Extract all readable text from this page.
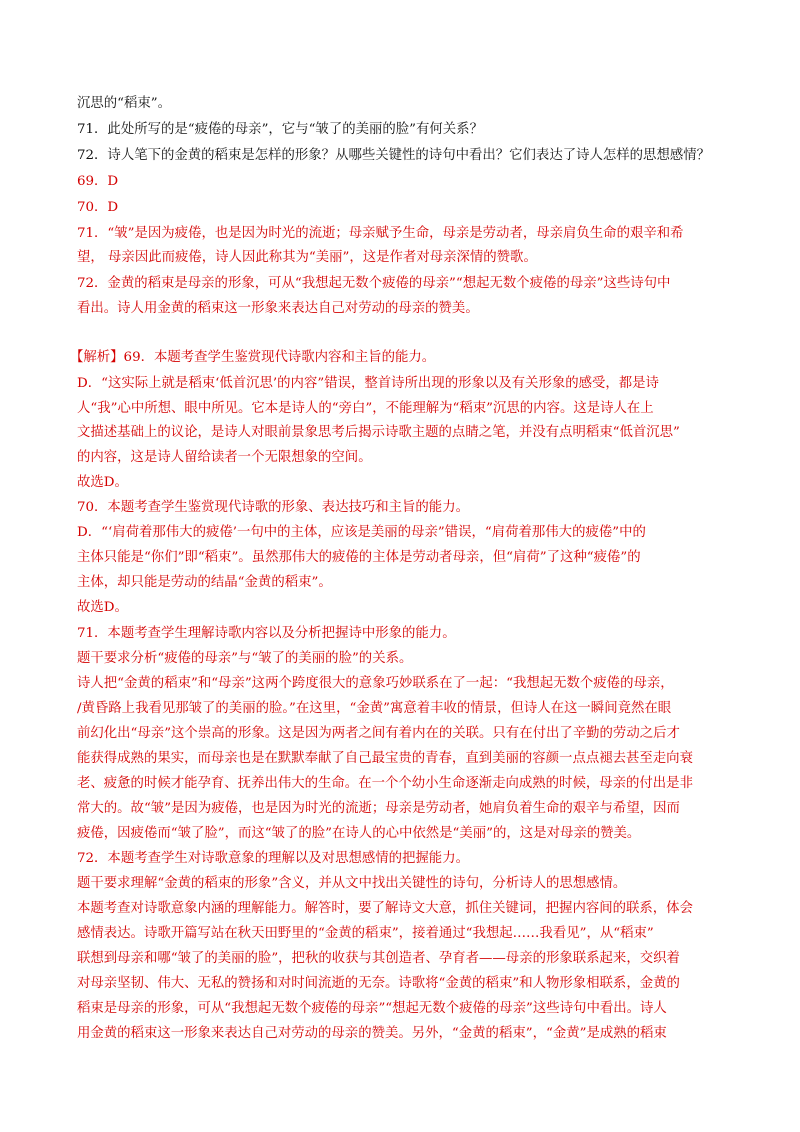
沉思的“稻束”。
71．此处所写的是“疲倦的母亲”，它与“皱了的美丽的脸”有何关系？
72．诗人笔下的金黄的稻束是怎样的形象？从哪些关键性的诗句中看出？它们表达了诗人怎样的思想感情？
69．D
70．D
71．“皱”是因为疲倦，也是因为时光的流逝；母亲赋予生命，母亲是劳动者，母亲肩负生命的艰辛和希
望， 母亲因此而疲倦，诗人因此称其为“美丽”，这是作者对母亲深情的赞歌。
72．金黄的稻束是母亲的形象，可从“我想起无数个疲倦的母亲”“想起无数个疲倦的母亲”这些诗句中
看出。诗人用金黄的稻束这一形象来表达自己对劳动的母亲的赞美。
【解析】69．本题考查学生鉴赏现代诗歌内容和主旨的能力。
D．“这实际上就是稻束‘低首沉思’的内容”错误，整首诗所出现的形象以及有关形象的感受，都是诗
人“我”心中所想、眼中所见。它本是诗人的“旁白”，不能理解为“稻束”沉思的内容。这是诗人在上
文描述基础上的议论，是诗人对眼前景象思考后揭示诗歌主题的点睛之笔，并没有点明稻束“低首沉思”
的内容，这是诗人留给读者一个无限想象的空间。
故选D。
70．本题考查学生鉴赏现代诗歌的形象、表达技巧和主旨的能力。
D．“‘肩荷着那伟大的疲倦’一句中的主体，应该是美丽的母亲”错误，“肩荷着那伟大的疲倦”中的
主体只能是“你们”即“稻束”。虽然那伟大的疲倦的主体是劳动者母亲，但“肩荷”了这种“疲倦”的
主体，却只能是劳动的结晶“金黄的稻束”。
故选D。
71．本题考查学生理解诗歌内容以及分析把握诗中形象的能力。
题干要求分析“疲倦的母亲”与“皱了的美丽的脸”的关系。
诗人把“金黄的稻束”和“母亲”这两个跨度很大的意象巧妙联系在了一起：“我想起无数个疲倦的母亲，
/黄昏路上我看见那皱了的美丽的脸。”在这里，“金黄”寓意着丰收的情景，但诗人在这一瞬间竟然在眼
前幻化出“母亲”这个崇高的形象。这是因为两者之间有着内在的关联。只有在付出了辛勤的劳动之后才
能获得成熟的果实，而母亲也是在默默奉献了自己最宝贵的青春，直到美丽的容颜一点点褪去甚至走向衰
老、疲惫的时候才能孕育、抚养出伟大的生命。在一个个幼小生命逐渐走向成熟的时候，母亲的付出是非
常大的。故“皱”是因为疲倦，也是因为时光的流逝；母亲是劳动者，她肩负着生命的艰辛与希望，因而
疲倦，因疲倦而“皱了脸”，而这“皱了的脸”在诗人的心中依然是“美丽”的，这是对母亲的赞美。
72．本题考查学生对诗歌意象的理解以及对思想感情的把握能力。
题干要求理解“金黄的稻束的形象”含义，并从文中找出关键性的诗句，分析诗人的思想感情。
本题考查对诗歌意象内涵的理解能力。解答时，要了解诗文大意，抓住关键词，把握内容间的联系，体会
感情表达。诗歌开篇写站在秋天田野里的“金黄的稻束”，接着通过“我想起……我看见”，从“稻束”
联想到母亲和哪“皱了的美丽的脸”，把秋的收获与其创造者、孕育者——母亲的形象联系起来，交织着
对母亲坚韧、伟大、无私的赞扬和对时间流逝的无奈。诗歌将“金黄的稻束”和人物形象相联系，金黄的
稻束是母亲的形象，可从“我想起无数个疲倦的母亲”“想起无数个疲倦的母亲”这些诗句中看出。诗人
用金黄的稻束这一形象来表达自己对劳动的母亲的赞美。另外，“金黄的稻束”，“金黄”是成熟的稻束
